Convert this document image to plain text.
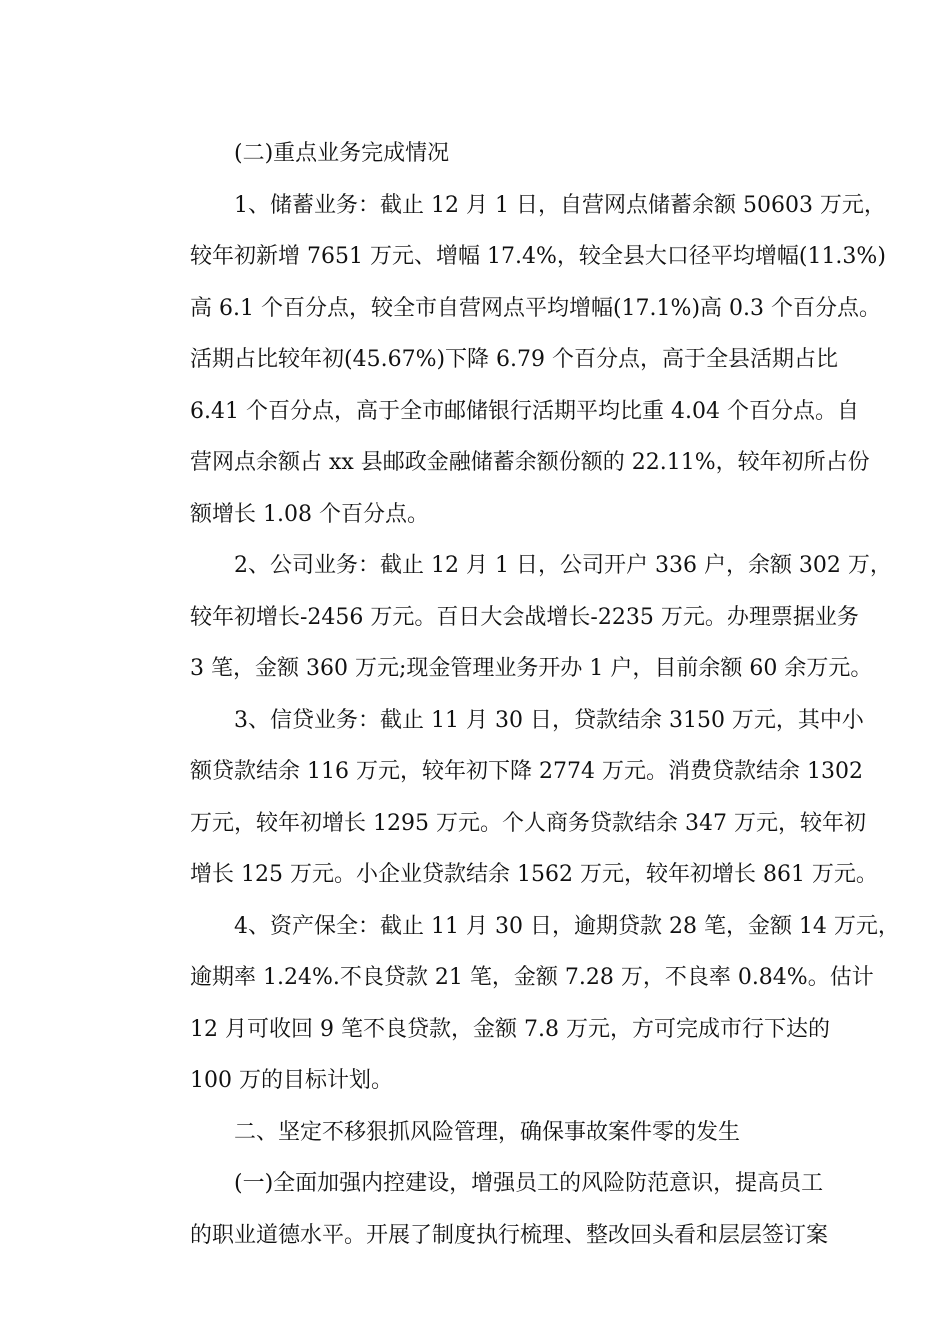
(二)重点业务完成情况
1、储蓄业务：截止 12 月 1 日，自营网点储蓄余额 50603 万元，
较年初新增 7651 万元、增幅 17.4%，较全县大口径平均增幅(11.3%)
高 6.1 个百分点，较全市自营网点平均增幅(17.1%)高 0.3 个百分点。
活期占比较年初(45.67%)下降 6.79 个百分点，高于全县活期占比
6.41 个百分点，高于全市邮储银行活期平均比重 4.04 个百分点。自
营网点余额占 xx 县邮政金融储蓄余额份额的 22.11%，较年初所占份
额增长 1.08 个百分点。
2、公司业务：截止 12 月 1 日，公司开户 336 户，余额 302 万，
较年初增长-2456 万元。百日大会战增长-2235 万元。办理票据业务
3 笔，金额 360 万元;现金管理业务开办 1 户，目前余额 60 余万元。
3、信贷业务：截止 11 月 30 日，贷款结余 3150 万元，其中小
额贷款结余 116 万元，较年初下降 2774 万元。消费贷款结余 1302
万元，较年初增长 1295 万元。个人商务贷款结余 347 万元，较年初
增长 125 万元。小企业贷款结余 1562 万元，较年初增长 861 万元。
4、资产保全：截止 11 月 30 日，逾期贷款 28 笔，金额 14 万元，
逾期率 1.24%.不良贷款 21 笔，金额 7.28 万，不良率 0.84%。估计
12 月可收回 9 笔不良贷款，金额 7.8 万元，方可完成市行下达的
100 万的目标计划。
二、坚定不移狠抓风险管理，确保事故案件零的发生
(一)全面加强内控建设，增强员工的风险防范意识，提高员工
的职业道德水平。开展了制度执行梳理、整改回头看和层层签订案
